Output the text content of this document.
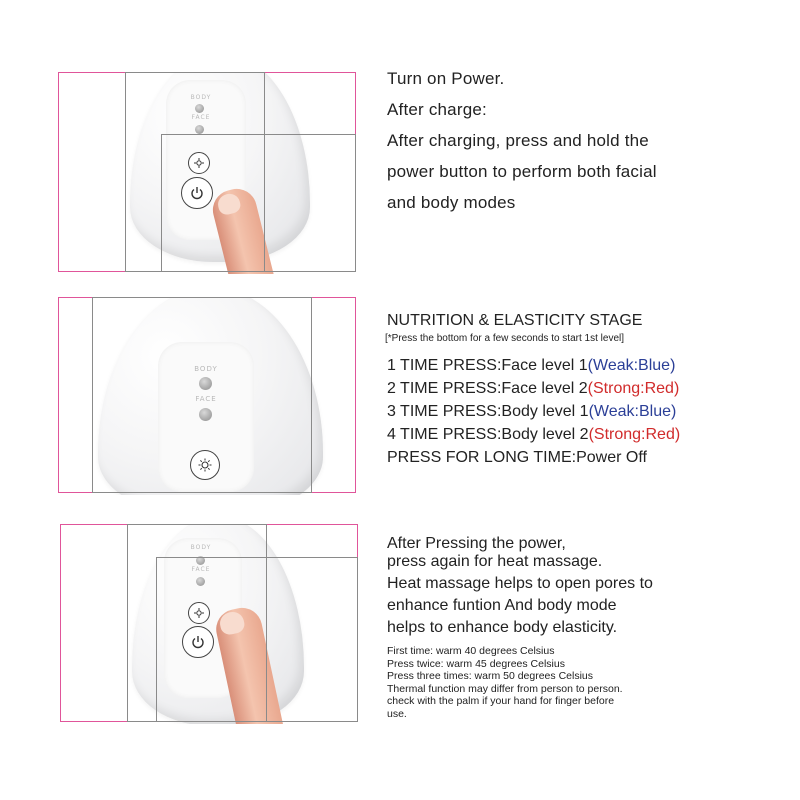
BODY
FACE
Turn on Power.
After charge:
After charging, press and hold the
power button to perform both facial
and body modes
BODY
FACE
NUTRITION & ELASTICITY STAGE
[*Press the bottom for a few seconds to start 1st level]
1 TIME PRESS:Face level 1(Weak:Blue)
2 TIME PRESS:Face level 2(Strong:Red)
3 TIME PRESS:Body level 1(Weak:Blue)
4 TIME PRESS:Body level 2(Strong:Red)
PRESS FOR LONG TIME:Power Off
BODY
FACE
After Pressing the power,
press again for heat massage.
Heat massage helps to open pores to
enhance funtion And body mode
helps to enhance body elasticity.
First time: warm 40 degrees Celsius
Press twice: warm 45 degrees Celsius
Press three times: warm 50 degrees Celsius
Thermal function may differ from person to person.
check with the palm if your hand for finger before
use.
